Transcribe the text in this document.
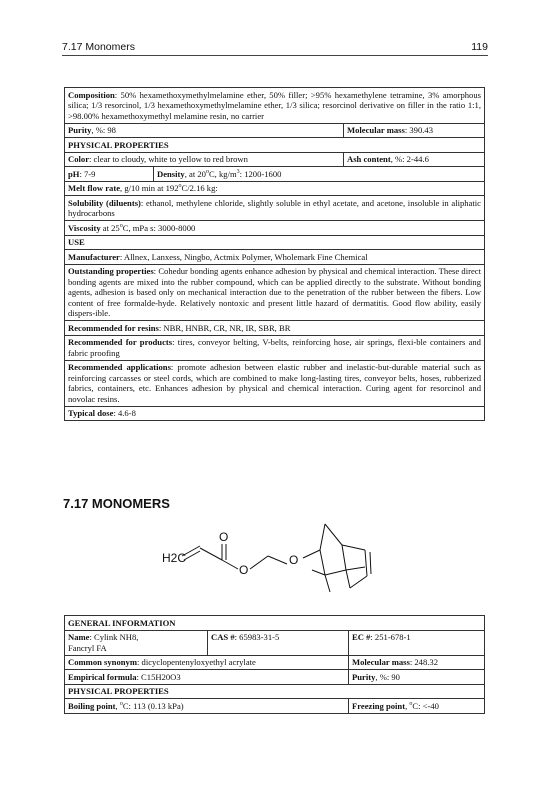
7.17 Monomers	119
Composition: 50% hexamethoxymethylmelamine ether, 50% filler; >95% hexamethylene tetramine, 3% amorphous silica; 1/3 resorcinol, 1/3 hexamethoxymethylmelamine ether, 1/3 silica; resorcinol derivative on filler in the ratio 1:1, >98.00% hexamethoxymethyl melamine resin, no carrier		
Purity, %: 98		Molecular mass: 390.43
PHYSICAL PROPERTIES		
Color: clear to cloudy, white to yellow to red brown		Ash content, %: 2-44.6
pH: 7-9	Density, at 20$^o$C, $kg/m^3$: 1200-1600	
Melt flow rate, g/10 min at 192$^o$C/2.16 kg:		
Solubility (diluents): ethanol, methylene chloride, slightly soluble in ethyl acetate, and acetone, insoluble in aliphatic hydrocarbons		
Viscosity at 25$^o$C, mPa s: 3000-8000		
USE		
Manufacturer: Allnex, Lanxess, Ningbo, Actmix Polymer, Wholemark Fine Chemical		
Outstanding properties: Cohedur bonding agents enhance adhesion by physical and chemical interaction. These direct bonding agents are mixed into the rubber compound, which can be applied directly to the substrate. Without bonding agents, adhesion is based only on mechanical interaction due to the penetration of the rubber between the fibers. Low content of free formalde-hyde. Relatively nontoxic and present little hazard of dermatitis. Good flow ability, easily dispers-ible.		
Recommended for resins: NBR, HNBR, CR, NR, IR, SBR, BR		
Recommended for products: tires, conveyor belting, V-belts, reinforcing hose, air springs, flexi-ble containers and fabric proofing		
Recommended applications: promote adhesion between elastic rubber and inelastic-but-durable material such as reinforcing carcasses or steel cords, which are combined to make long-lasting tires, conveyor belts, hoses, rubberized fabrics, containers, etc. Enhances adhesion by physical and chemical interaction. Curing agent for resorcinol and novolac resins.		
Typical dose: 4.6-8		
7.17 MONOMERS
H2C
O
O
O
GENERAL INFORMATION		
Name: Cylink NH8,
Fancryl FA	CAS #: 65983-31-5	EC #: 251-678-1
Common synonym: dicyclopentenyloxyethyl acrylate		Molecular mass: 248.32
Empirical formula: C15H20O3		Purity, %: 90
PHYSICAL PROPERTIES		
Boiling point, $^o$C: 113 (0.13 kPa)		Freezing point, $^o$C: <-40
